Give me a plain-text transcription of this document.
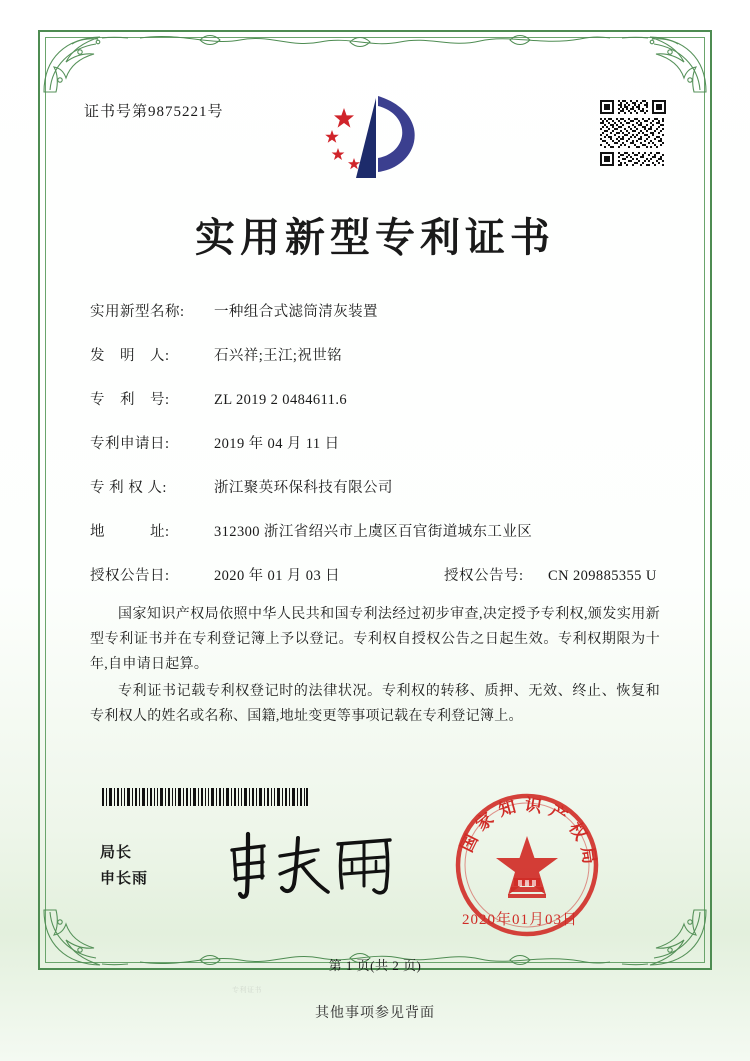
证书号第9875221号
实用新型专利证书
实用新型名称:	一种组合式滤筒清灰装置
发　明　人:	石兴祥;王江;祝世铭
专　利　号:	ZL 2019 2 0484611.6
专利申请日:	2019 年 04 月 11 日
专 利 权 人:	浙江聚英环保科技有限公司
地　　　址:	312300 浙江省绍兴市上虞区百官街道城东工业区
授权公告日:	2020 年 01 月 03 日	授权公告号:	CN 209885355 U

国家知识产权局依照中华人民共和国专利法经过初步审查,决定授予专利权,颁发实用新型专利证书并在专利登记簿上予以登记。专利权自授权公告之日起生效。专利权期限为十年,自申请日起算。

专利证书记载专利权登记时的法律状况。专利权的转移、质押、无效、终止、恢复和专利权人的姓名或名称、国籍,地址变更等事项记载在专利登记簿上。

局长
申长雨
国家知识产权局
2020年01月03日
专利证书
第 1 页(共 2 页)
其他事项参见背面
